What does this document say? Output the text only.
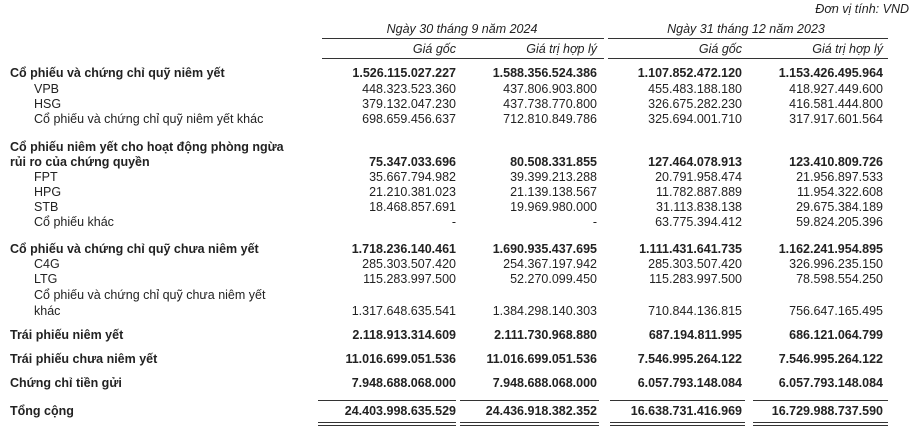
Đơn vị tính: VND
Ngày 30 tháng 9 năm 2024	Ngày 31 tháng 12 năm 2023
Giá gốc	Giá trị hợp lý	Giá gốc	Giá trị hợp lý
Cổ phiếu và chứng chỉ quỹ niêm yết	1.526.115.027.227	1.588.356.524.386	1.107.852.472.120	1.153.426.495.964
VPB	448.323.523.360	437.806.903.800	455.483.188.180	418.927.449.600
HSG	379.132.047.230	437.738.770.800	326.675.282.230	416.581.444.800
Cổ phiếu và chứng chỉ quỹ niêm yết khác	698.659.456.637	712.810.849.786	325.694.001.710	317.917.601.564
Cổ phiếu niêm yết cho hoạt động phòng ngừa
rủi ro của chứng quyền	75.347.033.696	80.508.331.855	127.464.078.913	123.410.809.726
FPT	35.667.794.982	39.399.213.288	20.791.958.474	21.956.897.533
HPG	21.210.381.023	21.139.138.567	11.782.887.889	11.954.322.608
STB	18.468.857.691	19.969.980.000	31.113.838.138	29.675.384.189
Cổ phiếu khác	-	-	63.775.394.412	59.824.205.396
Cổ phiếu và chứng chỉ quỹ chưa niêm yết	1.718.236.140.461	1.690.935.437.695	1.111.431.641.735	1.162.241.954.895
C4G	285.303.507.420	254.367.197.942	285.303.507.420	326.996.235.150
LTG	115.283.997.500	52.270.099.450	115.283.997.500	78.598.554.250
Cổ phiếu và chứng chỉ quỹ chưa niêm yết
khác	1.317.648.635.541	1.384.298.140.303	710.844.136.815	756.647.165.495
Trái phiếu niêm yết	2.118.913.314.609	2.111.730.968.880	687.194.811.995	686.121.064.799
Trái phiếu chưa niêm yết	11.016.699.051.536 11.016.699.051.536	7.546.995.264.122	7.546.995.264.122
Chứng chỉ tiền gửi	7.948.688.068.000	7.948.688.068.000	6.057.793.148.084	6.057.793.148.084
Tổng cộng	24.403.998.635.529 24.436.918.382.352	16.638.731.416.969 16.729.988.737.590
